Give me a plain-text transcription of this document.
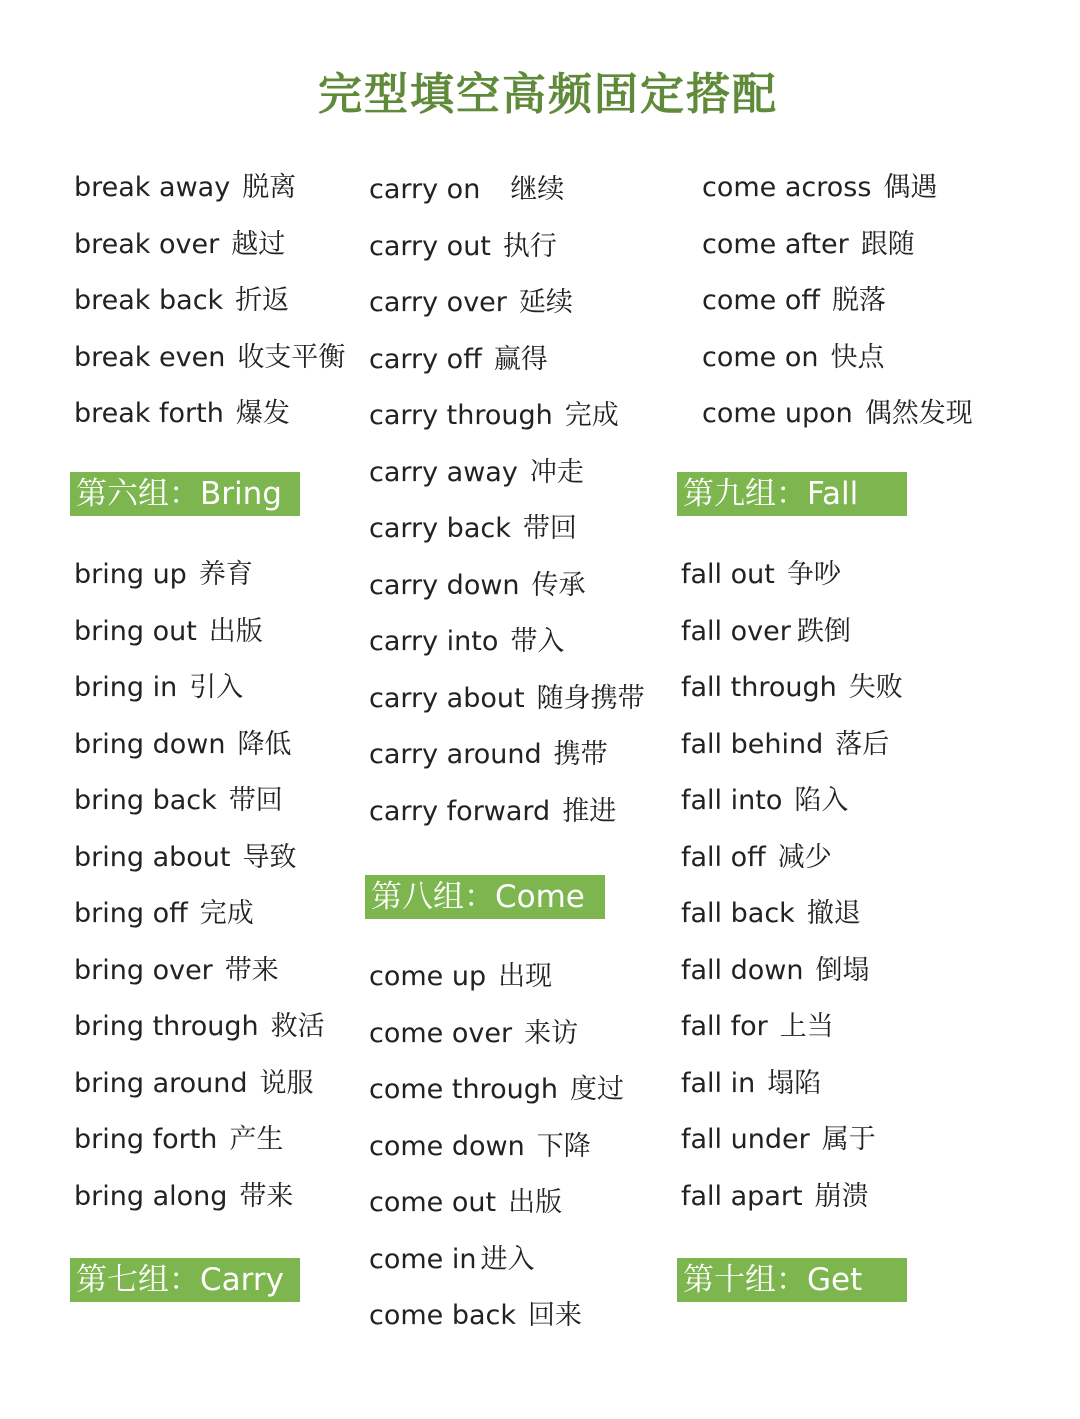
完型填空高频固定搭配
break away 脱离
break over 越过
break back 折返
break even 收支平衡
break forth 爆发
第六组：Bring
bring up 养育
bring out 出版
bring in 引入
bring down 降低
bring back 带回
bring about 导致
bring off 完成
bring over 带来
bring through 救活
bring around 说服
bring forth 产生
bring along 带来
第七组：Carry
carry on 继续
carry out 执行
carry over 延续
carry off 赢得
carry through 完成
carry away 冲走
carry back 带回
carry down 传承
carry into 带入
carry about 随身携带
carry around 携带
carry forward 推进
第八组：Come
come up 出现
come over 来访
come through 度过
come down 下降
come out 出版
come in 进入
come back 回来
come across 偶遇
come after 跟随
come off 脱落
come on 快点
come upon 偶然发现
第九组：Fall
fall out 争吵
fall over 跌倒
fall through 失败
fall behind 落后
fall into 陷入
fall off 减少
fall back 撤退
fall down 倒塌
fall for 上当
fall in 塌陷
fall under 属于
fall apart 崩溃
第十组：Get
